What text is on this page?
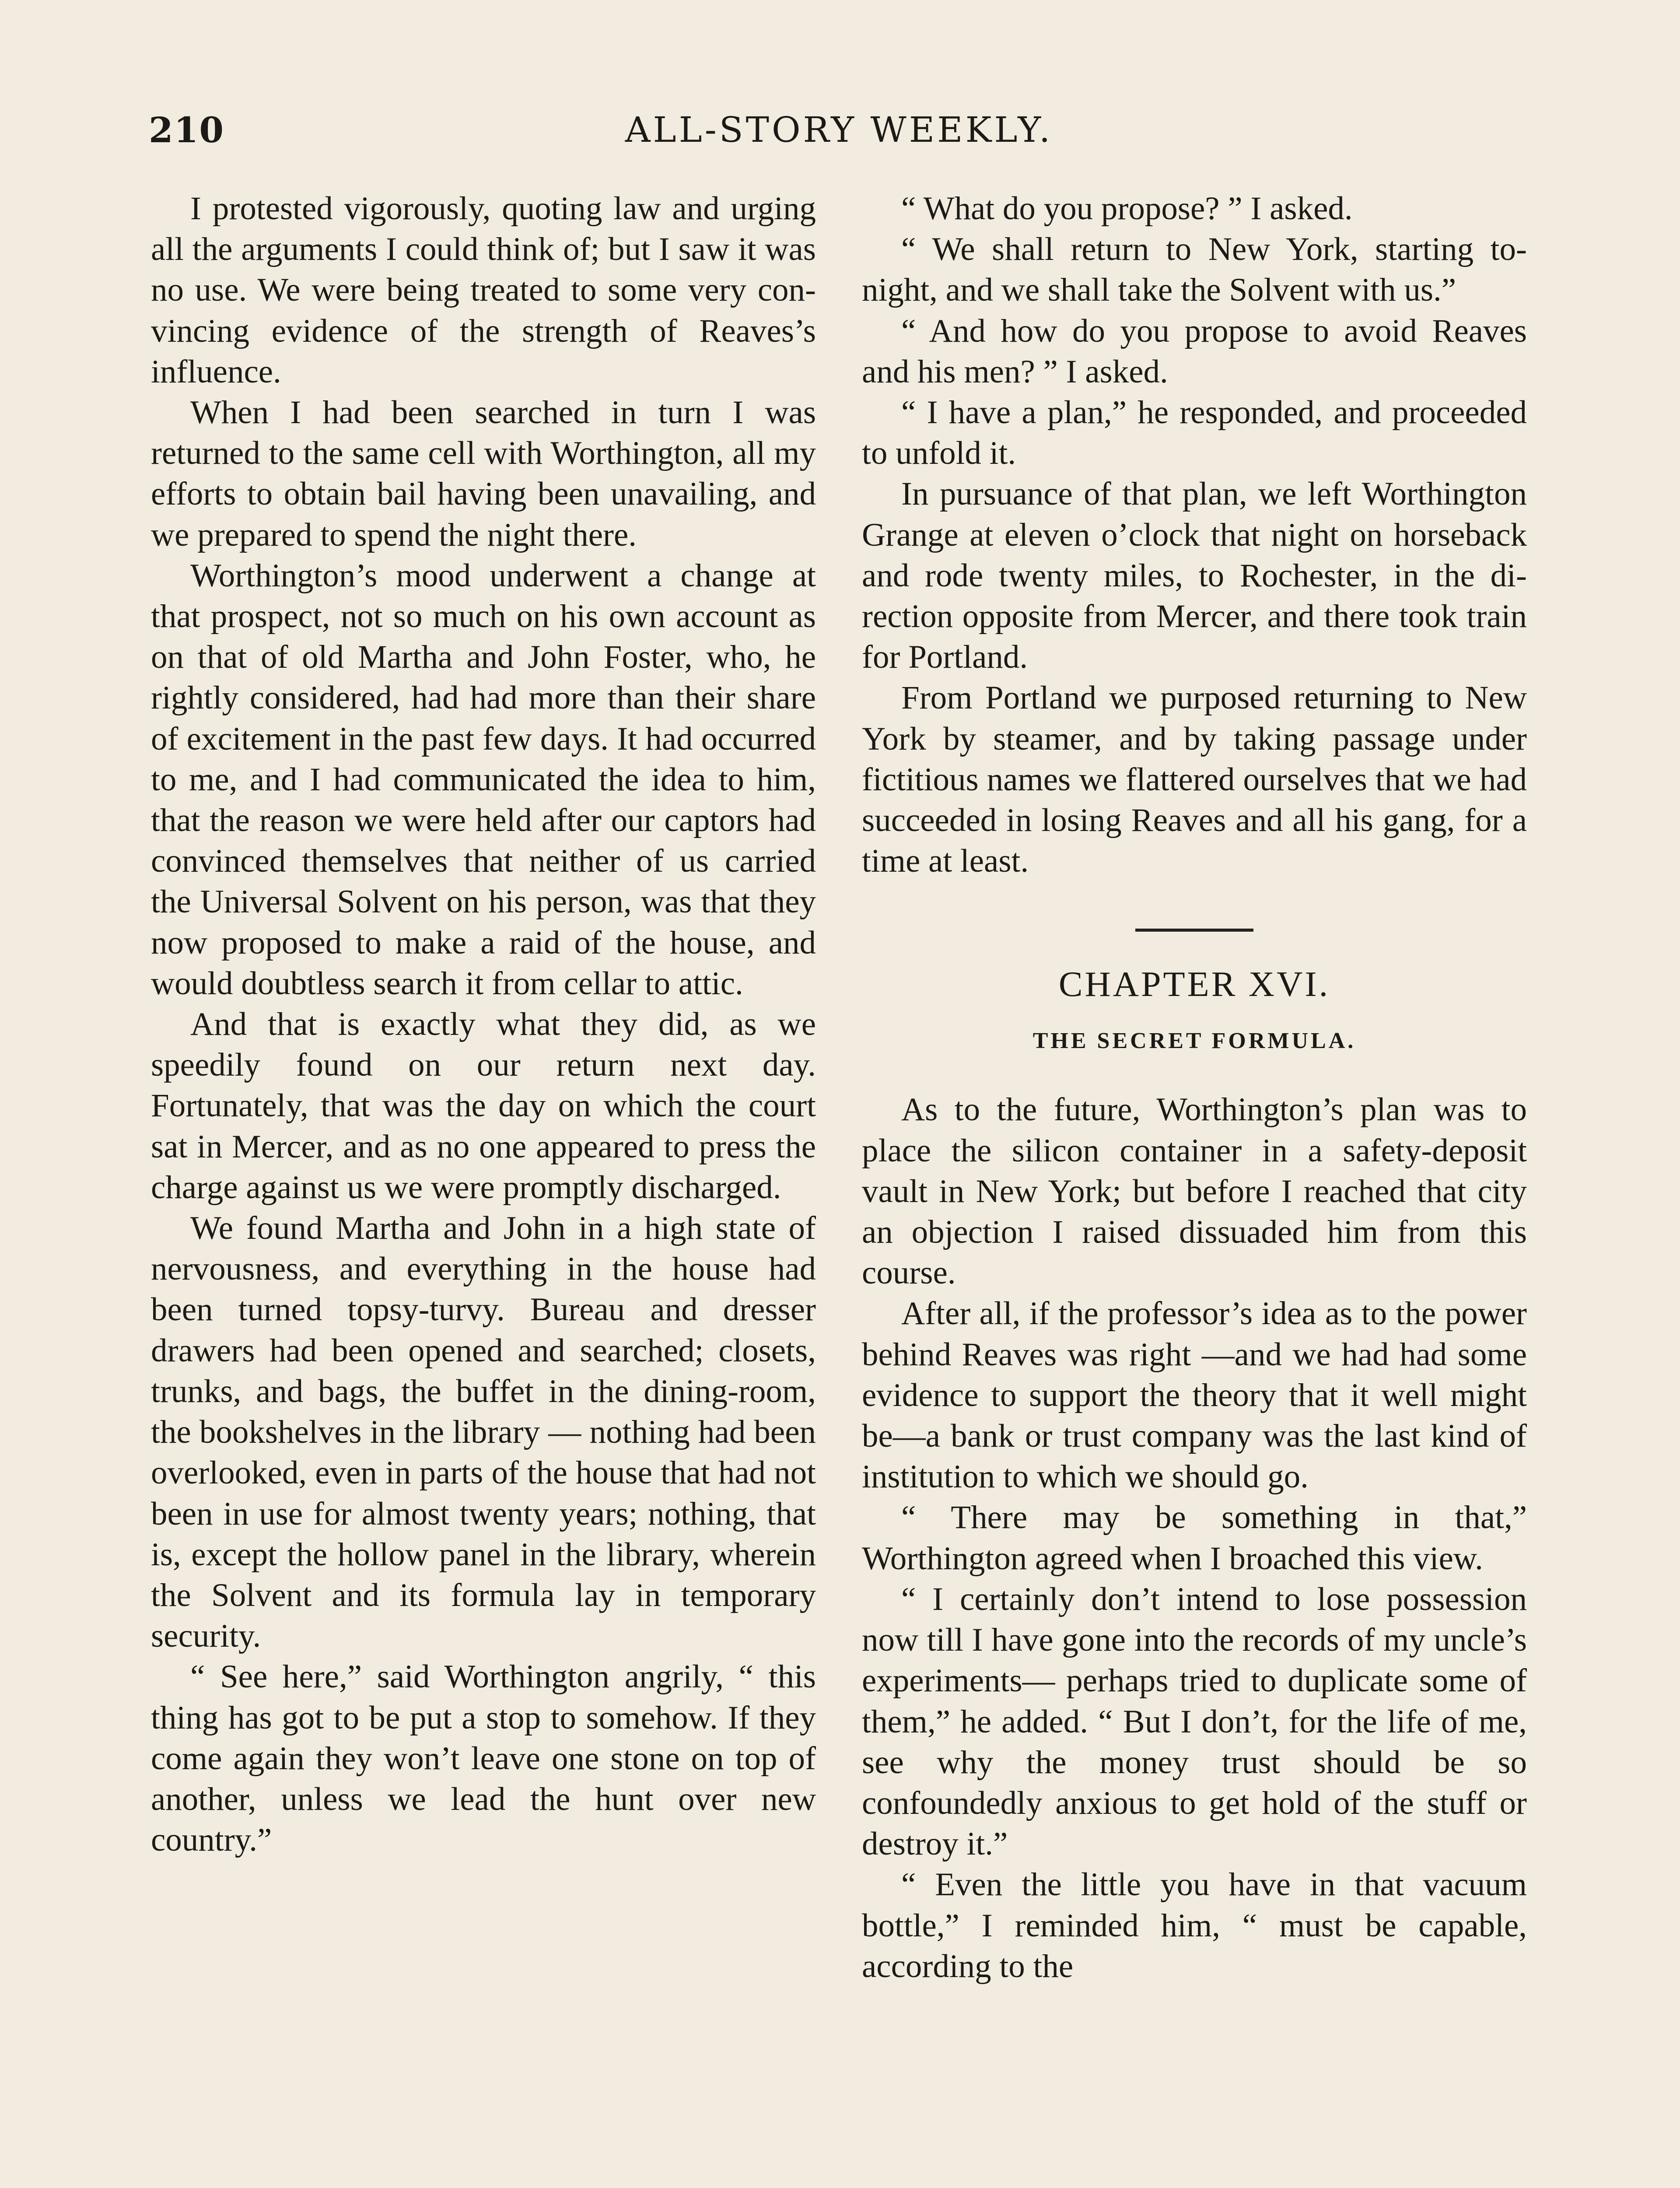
210	ALL-STORY WEEKLY.

I protested vigorously, quoting law and urging all the arguments I could think of; but I saw it was no use. We were being treated to some very convincing evidence of the strength of Reaves’s influence.

When I had been searched in turn I was returned to the same cell with Worthington, all my efforts to obtain bail having been unavailing, and we prepared to spend the night there.

Worthington’s mood underwent a change at that prospect, not so much on his own account as on that of old Martha and John Foster, who, he rightly considered, had had more than their share of excitement in the past few days. It had occurred to me, and I had communicated the idea to him, that the reason we were held after our captors had convinced themselves that neither of us carried the Universal Solvent on his person, was that they now proposed to make a raid of the house, and would doubtless search it from cellar to attic.

And that is exactly what they did, as we speedily found on our return next day. Fortunately, that was the day on which the court sat in Mercer, and as no one appeared to press the charge against us we were promptly discharged.

We found Martha and John in a high state of nervousness, and everything in the house had been turned topsy-turvy. Bureau and dresser drawers had been opened and searched; closets, trunks, and bags, the buffet in the dining-room, the bookshelves in the library — nothing had been overlooked, even in parts of the house that had not been in use for almost twenty years; nothing, that is, except the hollow panel in the library, wherein the Solvent and its formula lay in temporary security.

“ See here,” said Worthington angrily, “ this thing has got to be put a stop to somehow. If they come again they won’t leave one stone on top of another, unless we lead the hunt over new country.”

“ What do you propose? ” I asked.

“ We shall return to New York, starting to-night, and we shall take the Solvent with us.”

“ And how do you propose to avoid Reaves and his men? ” I asked.

“ I have a plan,” he responded, and proceeded to unfold it.

In pursuance of that plan, we left Worthington Grange at eleven o’clock that night on horseback and rode twenty miles, to Rochester, in the direction opposite from Mercer, and there took train for Portland.

From Portland we purposed returning to New York by steamer, and by taking passage under fictitious names we flattered ourselves that we had succeeded in losing Reaves and all his gang, for a time at least.

CHAPTER XVI.
THE SECRET FORMULA.

As to the future, Worthington’s plan was to place the silicon container in a safety-deposit vault in New York; but before I reached that city an objection I raised dissuaded him from this course.

After all, if the professor’s idea as to the power behind Reaves was right —and we had had some evidence to support the theory that it well might be—a bank or trust company was the last kind of institution to which we should go.

“ There may be something in that,” Worthington agreed when I broached this view.

“ I certainly don’t intend to lose possession now till I have gone into the records of my uncle’s experiments— perhaps tried to duplicate some of them,” he added. “ But I don’t, for the life of me, see why the money trust should be so confoundedly anxious to get hold of the stuff or destroy it.”

“ Even the little you have in that vacuum bottle,” I reminded him, “ must be capable, according to the
